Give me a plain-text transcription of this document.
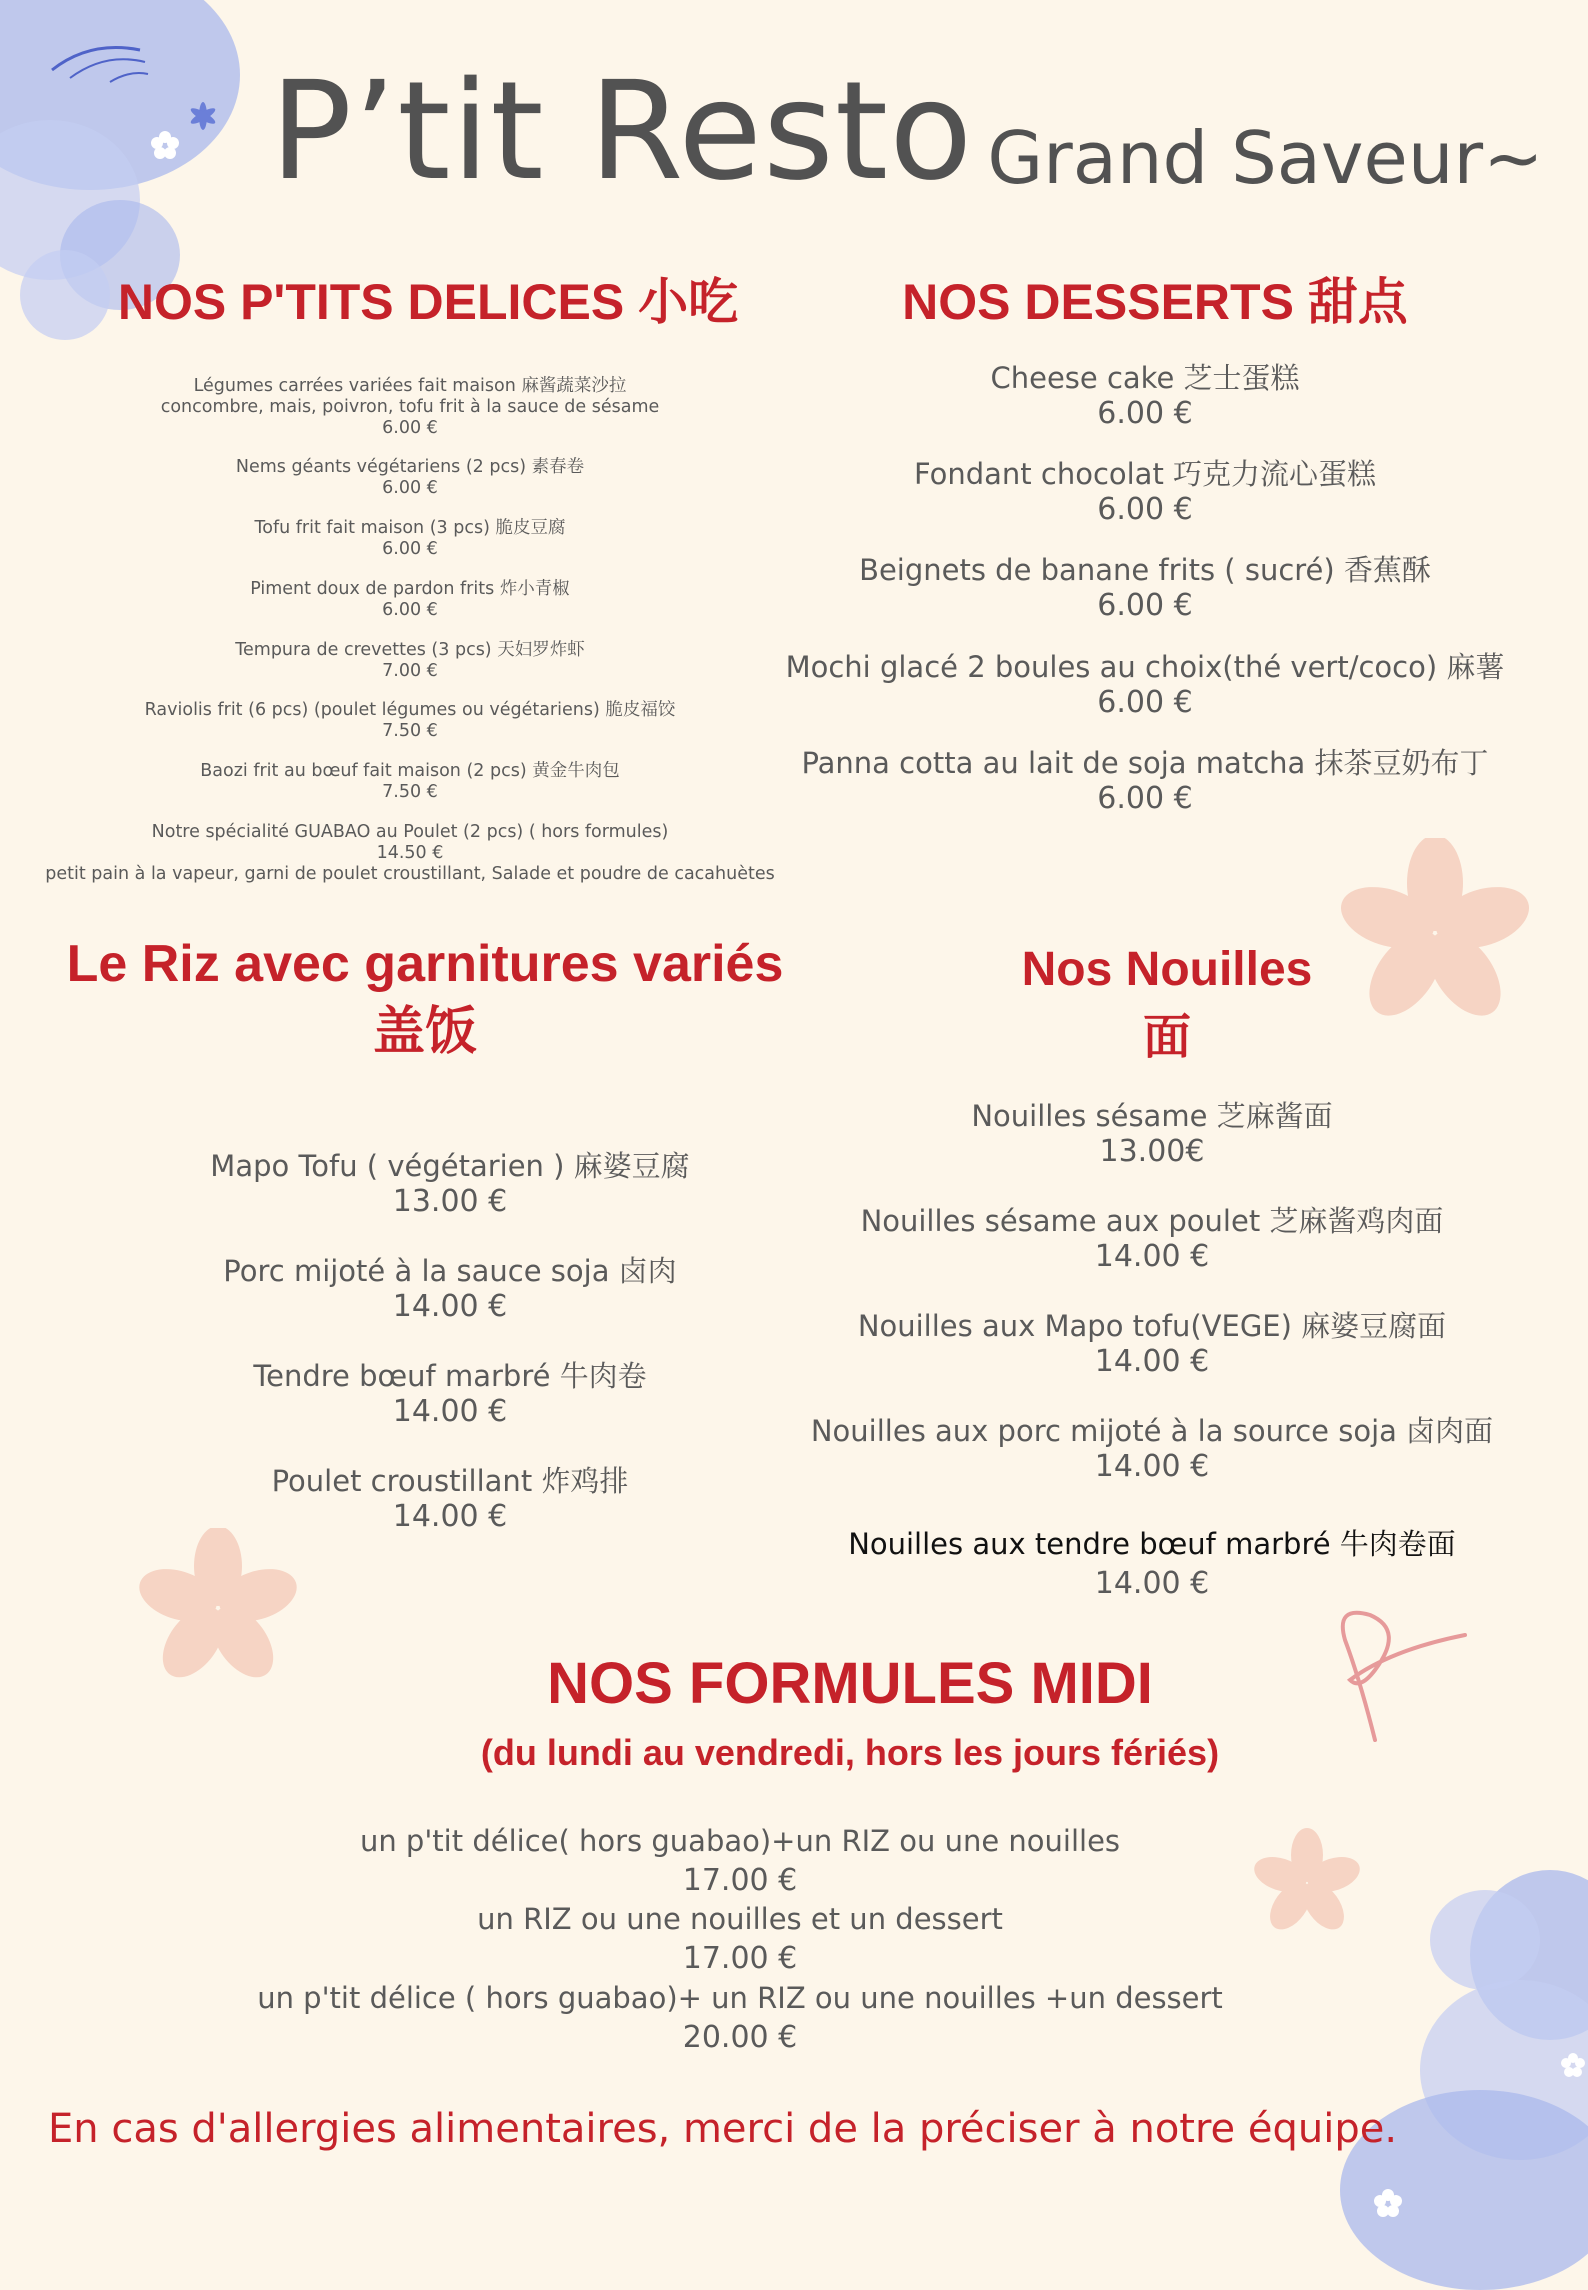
P’tit Resto Grand Saveur~
NOS P'TITS DELICES 小吃
Légumes carrées variées fait maison 麻酱蔬菜沙拉
concombre, mais, poivron, tofu frit à la sauce de sésame
6.00 €
Nems géants végétariens (2 pcs) 素春卷
6.00 €
Tofu frit fait maison (3 pcs) 脆皮豆腐
6.00 €
Piment doux de pardon frits 炸小青椒
6.00 €
Tempura de crevettes (3 pcs) 天妇罗炸虾
7.00 €
Raviolis frit (6 pcs) (poulet légumes ou végétariens) 脆皮福饺
7.50 €
Baozi frit au bœuf fait maison (2 pcs) 黄金牛肉包
7.50 €
Notre spécialité GUABAO au Poulet (2 pcs) ( hors formules)
14.50 €
petit pain à la vapeur, garni de poulet croustillant, Salade et poudre de cacahuètes
NOS DESSERTS 甜点
Cheese cake 芝士蛋糕
6.00 €
Fondant chocolat 巧克力流心蛋糕
6.00 €
Beignets de banane frits ( sucré) 香蕉酥
6.00 €
Mochi glacé 2 boules au choix(thé vert/coco) 麻薯
6.00 €
Panna cotta au lait de soja matcha 抹茶豆奶布丁
6.00 €
Le Riz avec garnitures variés
盖饭
Mapo Tofu ( végétarien ) 麻婆豆腐
13.00 €
Porc mijoté à la sauce soja 卤肉
14.00 €
Tendre bœuf marbré 牛肉卷
14.00 €
Poulet croustillant 炸鸡排
14.00 €
Nos Nouilles
面
Nouilles sésame 芝麻酱面
13.00€
Nouilles sésame aux poulet 芝麻酱鸡肉面
14.00 €
Nouilles aux Mapo tofu(VEGE) 麻婆豆腐面
14.00 €
Nouilles aux porc mijoté à la source soja 卤肉面
14.00 €
Nouilles aux tendre bœuf marbré 牛肉卷面
14.00 €
NOS FORMULES MIDI
(du lundi au vendredi, hors les jours fériés)
un p'tit délice( hors guabao)+un RIZ ou une nouilles
17.00 €
un RIZ ou une nouilles et un dessert
17.00 €
un p'tit délice ( hors guabao)+ un RIZ ou une nouilles +un dessert
20.00 €
En cas d'allergies alimentaires, merci de la préciser à notre équipe.
